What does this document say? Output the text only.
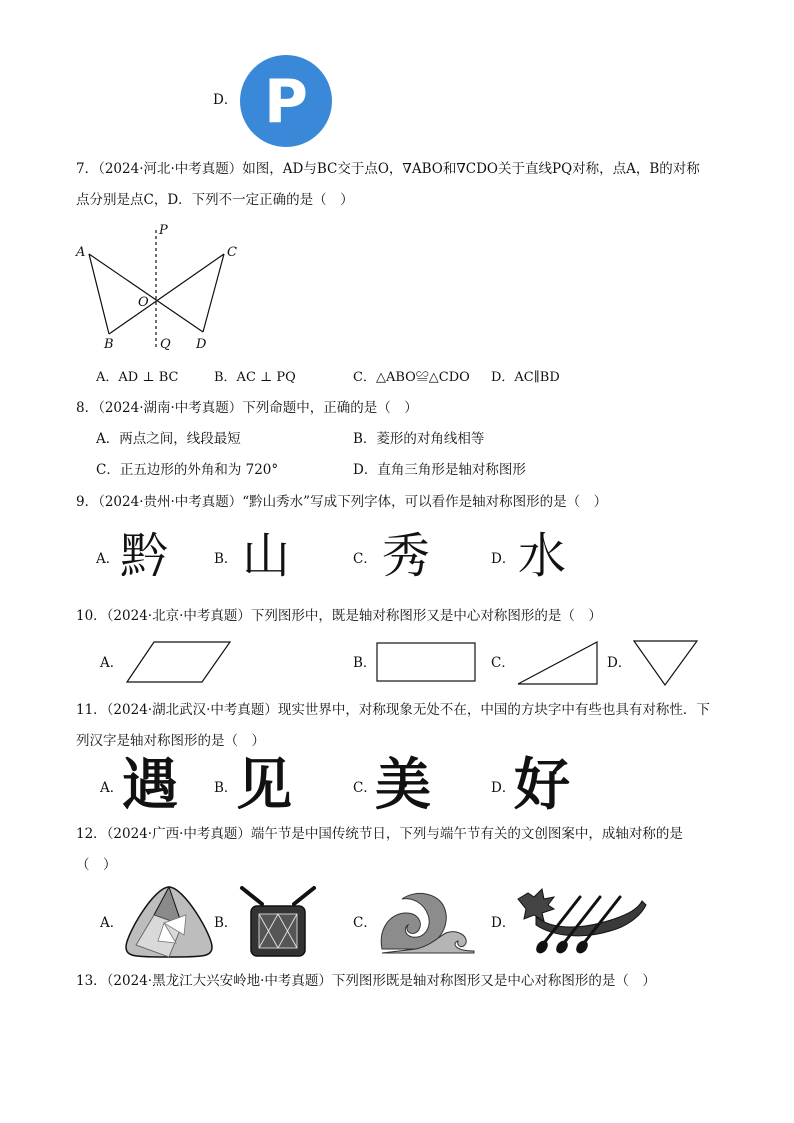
D． P
7．（2024·河北·中考真题）如图，AD与BC交于点O，∇ABO和∇CDO关于直线PQ对称，点A，B的对称
点分别是点C，D．下列不一定正确的是（　）
A
B
C
D
O
P
Q
A．AD ⊥ BC	B．AC ⊥ PQ	C．△ABO≌△CDO D．AC∥BD
8．（2024·湖南·中考真题）下列命题中，正确的是（　）
A．两点之间，线段最短	B．菱形的对角线相等
C．正五边形的外角和为 720°	D．直角三角形是轴对称图形
9．（2024·贵州·中考真题）“黔山秀水”写成下列字体，可以看作是轴对称图形的是（　）
A． 黔	B． 山	C． 秀	D． 水
10．（2024·北京·中考真题）下列图形中，既是轴对称图形又是中心对称图形的是（　）
A．	B．	C．	D．
11．（2024·湖北武汉·中考真题）现实世界中，对称现象无处不在，中国的方块字中有些也具有对称性．下
列汉字是轴对称图形的是（　）
A．
遇	B．
见	C．
美	D．
好
12．（2024·广西·中考真题）端午节是中国传统节日，下列与端午节有关的文创图案中，成轴对称的是
（　）
A．	B．	C．	D．
13．（2024·黑龙江大兴安岭地·中考真题）下列图形既是轴对称图形又是中心对称图形的是（　）
